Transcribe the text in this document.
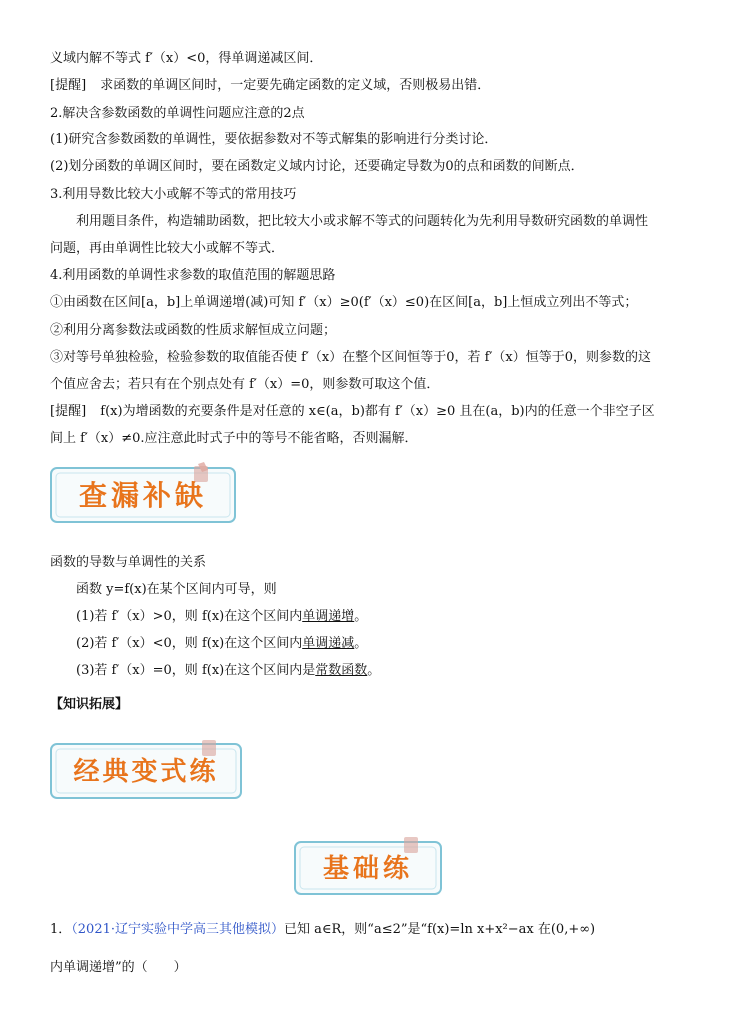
义域内解不等式 f′（x）<0，得单调递减区间．
[提醒] 求函数的单调区间时，一定要先确定函数的定义域，否则极易出错．
2.解决含参数函数的单调性问题应注意的2点
(1)研究含参数函数的单调性，要依据参数对不等式解集的影响进行分类讨论．
(2)划分函数的单调区间时，要在函数定义域内讨论，还要确定导数为0的点和函数的间断点．
3.利用导数比较大小或解不等式的常用技巧
利用题目条件，构造辅助函数，把比较大小或求解不等式的问题转化为先利用导数研究函数的单调性
问题，再由单调性比较大小或解不等式．
4.利用函数的单调性求参数的取值范围的解题思路
①由函数在区间[a，b]上单调递增(减)可知 f′（x）≥0(f′（x）≤0)在区间[a，b]上恒成立列出不等式；
②利用分离参数法或函数的性质求解恒成立问题；
③对等号单独检验，检验参数的取值能否使 f′（x）在整个区间恒等于0，若 f′（x）恒等于0，则参数的这
个值应舍去；若只有在个别点处有 f′（x）=0，则参数可取这个值．
[提醒] f(x)为增函数的充要条件是对任意的 x∈(a，b)都有 f′（x）≥0 且在(a，b)内的任意一个非空子区
间上 f′（x）≠0.应注意此时式子中的等号不能省略，否则漏解．
查漏补缺
函数的导数与单调性的关系
函数 y=f(x)在某个区间内可导，则
(1)若 f′（x）>0，则 f(x)在这个区间内单调递增。
(2)若 f′（x）<0，则 f(x)在这个区间内单调递减。
(3)若 f′（x）=0，则 f(x)在这个区间内是常数函数。
【知识拓展】
经典变式练
基础练
1．（2021·辽宁实验中学高三其他模拟）已知 a∈R，则“a≤2”是“f(x)=ln x+x²−ax 在(0,+∞)
内单调递增”的（　　）
